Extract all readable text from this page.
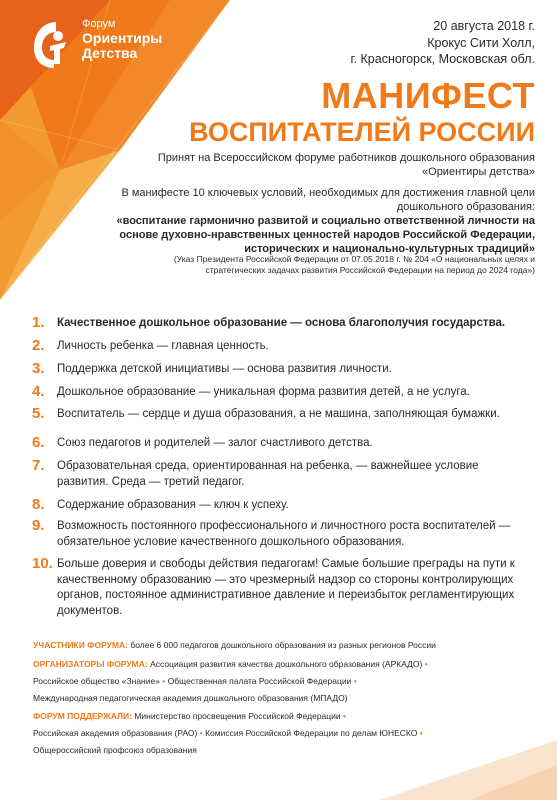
Форум
Ориентиры
Детства
20 августа 2018 г.
Крокус Сити Холл,
г. Красногорск, Московская обл.
МАНИФЕСТ
ВОСПИТАТЕЛЕЙ РОССИИ
Принят на Всероссийском форуме работников дошкольного образования «Ориентиры детства»
В манифесте 10 ключевых условий, необходимых для достижения главной цели дошкольного образования:
«воспитание гармонично развитой и социально ответственной личности на основе духовно-нравственных ценностей народов Российской Федерации, исторических и национально-культурных традиций»
(Указ Президента Российской Федерации от 07.05.2018 г. № 204 «О национальных целях и стратегических задачах развития Российской Федерации на период до 2024 года»)
1.	Качественное дошкольное образование — основа благополучия государства.
2.	Личность ребенка — главная ценность.
3.	Поддержка детской инициативы — основа развития личности.
4.	Дошкольное образование — уникальная форма развития детей, а не услуга.
5.	Воспитатель — сердце и душа образования, а не машина, заполняющая бумажки.
6.	Союз педагогов и родителей — залог счастливого детства.
7.	Образовательная среда, ориентированная на ребенка, — важнейшее условие развития. Среда — третий педагог.
8.	Содержание образования — ключ к успеху.
9.	Возможность постоянного профессионального и личностного роста воспитателей — обязательное условие качественного дошкольного образования.
10. Больше доверия и свободы действия педагогам! Самые большие преграды на пути к качественному образованию — это чрезмерный надзор со стороны контролирующих органов, постоянное административное давление и переизбыток регламентирующих документов.
УЧАСТНИКИ ФОРУМА: более 6 000 педагогов дошкольного образования из разных регионов России
ОРГАНИЗАТОРЫ ФОРУМА: Ассоциация развития качества дошкольного образования (АРКАДО) •
Российское общество «Знание» • Общественная палата Российской Федерации •
Международная педагогическая академия дошкольного образования (МПАДО)
ФОРУМ ПОДДЕРЖАЛИ: Министерство просвещения Российской Федерации •
Российская академия образования (РАО) • Комиссия Российской Федерации по делам ЮНЕСКО •
Общероссийский профсоюз образования
